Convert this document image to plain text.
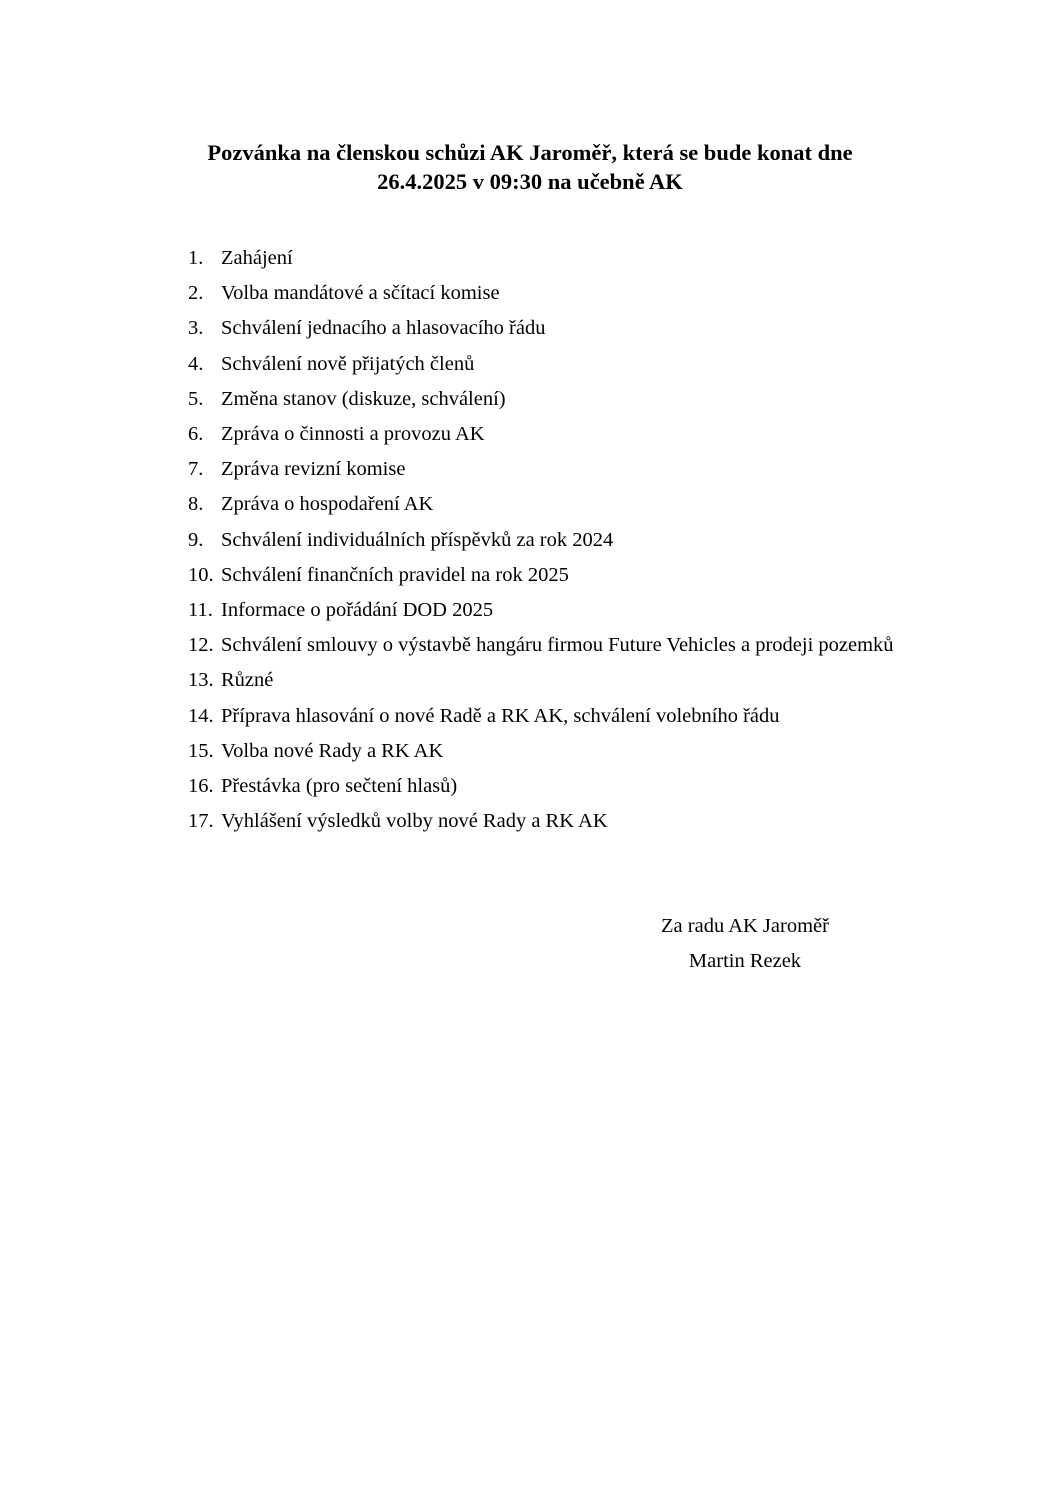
Pozvánka na členskou schůzi AK Jaroměř, která se bude konat dne
26.4.2025 v 09:30 na učebně AK
1. Zahájení
2. Volba mandátové a sčítací komise
3. Schválení jednacího a hlasovacího řádu
4. Schválení nově přijatých členů
5. Změna stanov (diskuze, schválení)
6. Zpráva o činnosti a provozu AK
7. Zpráva revizní komise
8. Zpráva o hospodaření AK
9. Schválení individuálních příspěvků za rok 2024
10. Schválení finančních pravidel na rok 2025
11. Informace o pořádání DOD 2025
12. Schválení smlouvy o výstavbě hangáru firmou Future Vehicles a prodeji pozemků
13. Různé
14. Příprava hlasování o nové Radě a RK AK, schválení volebního řádu
15. Volba nové Rady a RK AK
16. Přestávka (pro sečtení hlasů)
17. Vyhlášení výsledků volby nové Rady a RK AK
Za radu AK Jaroměř
Martin Rezek
